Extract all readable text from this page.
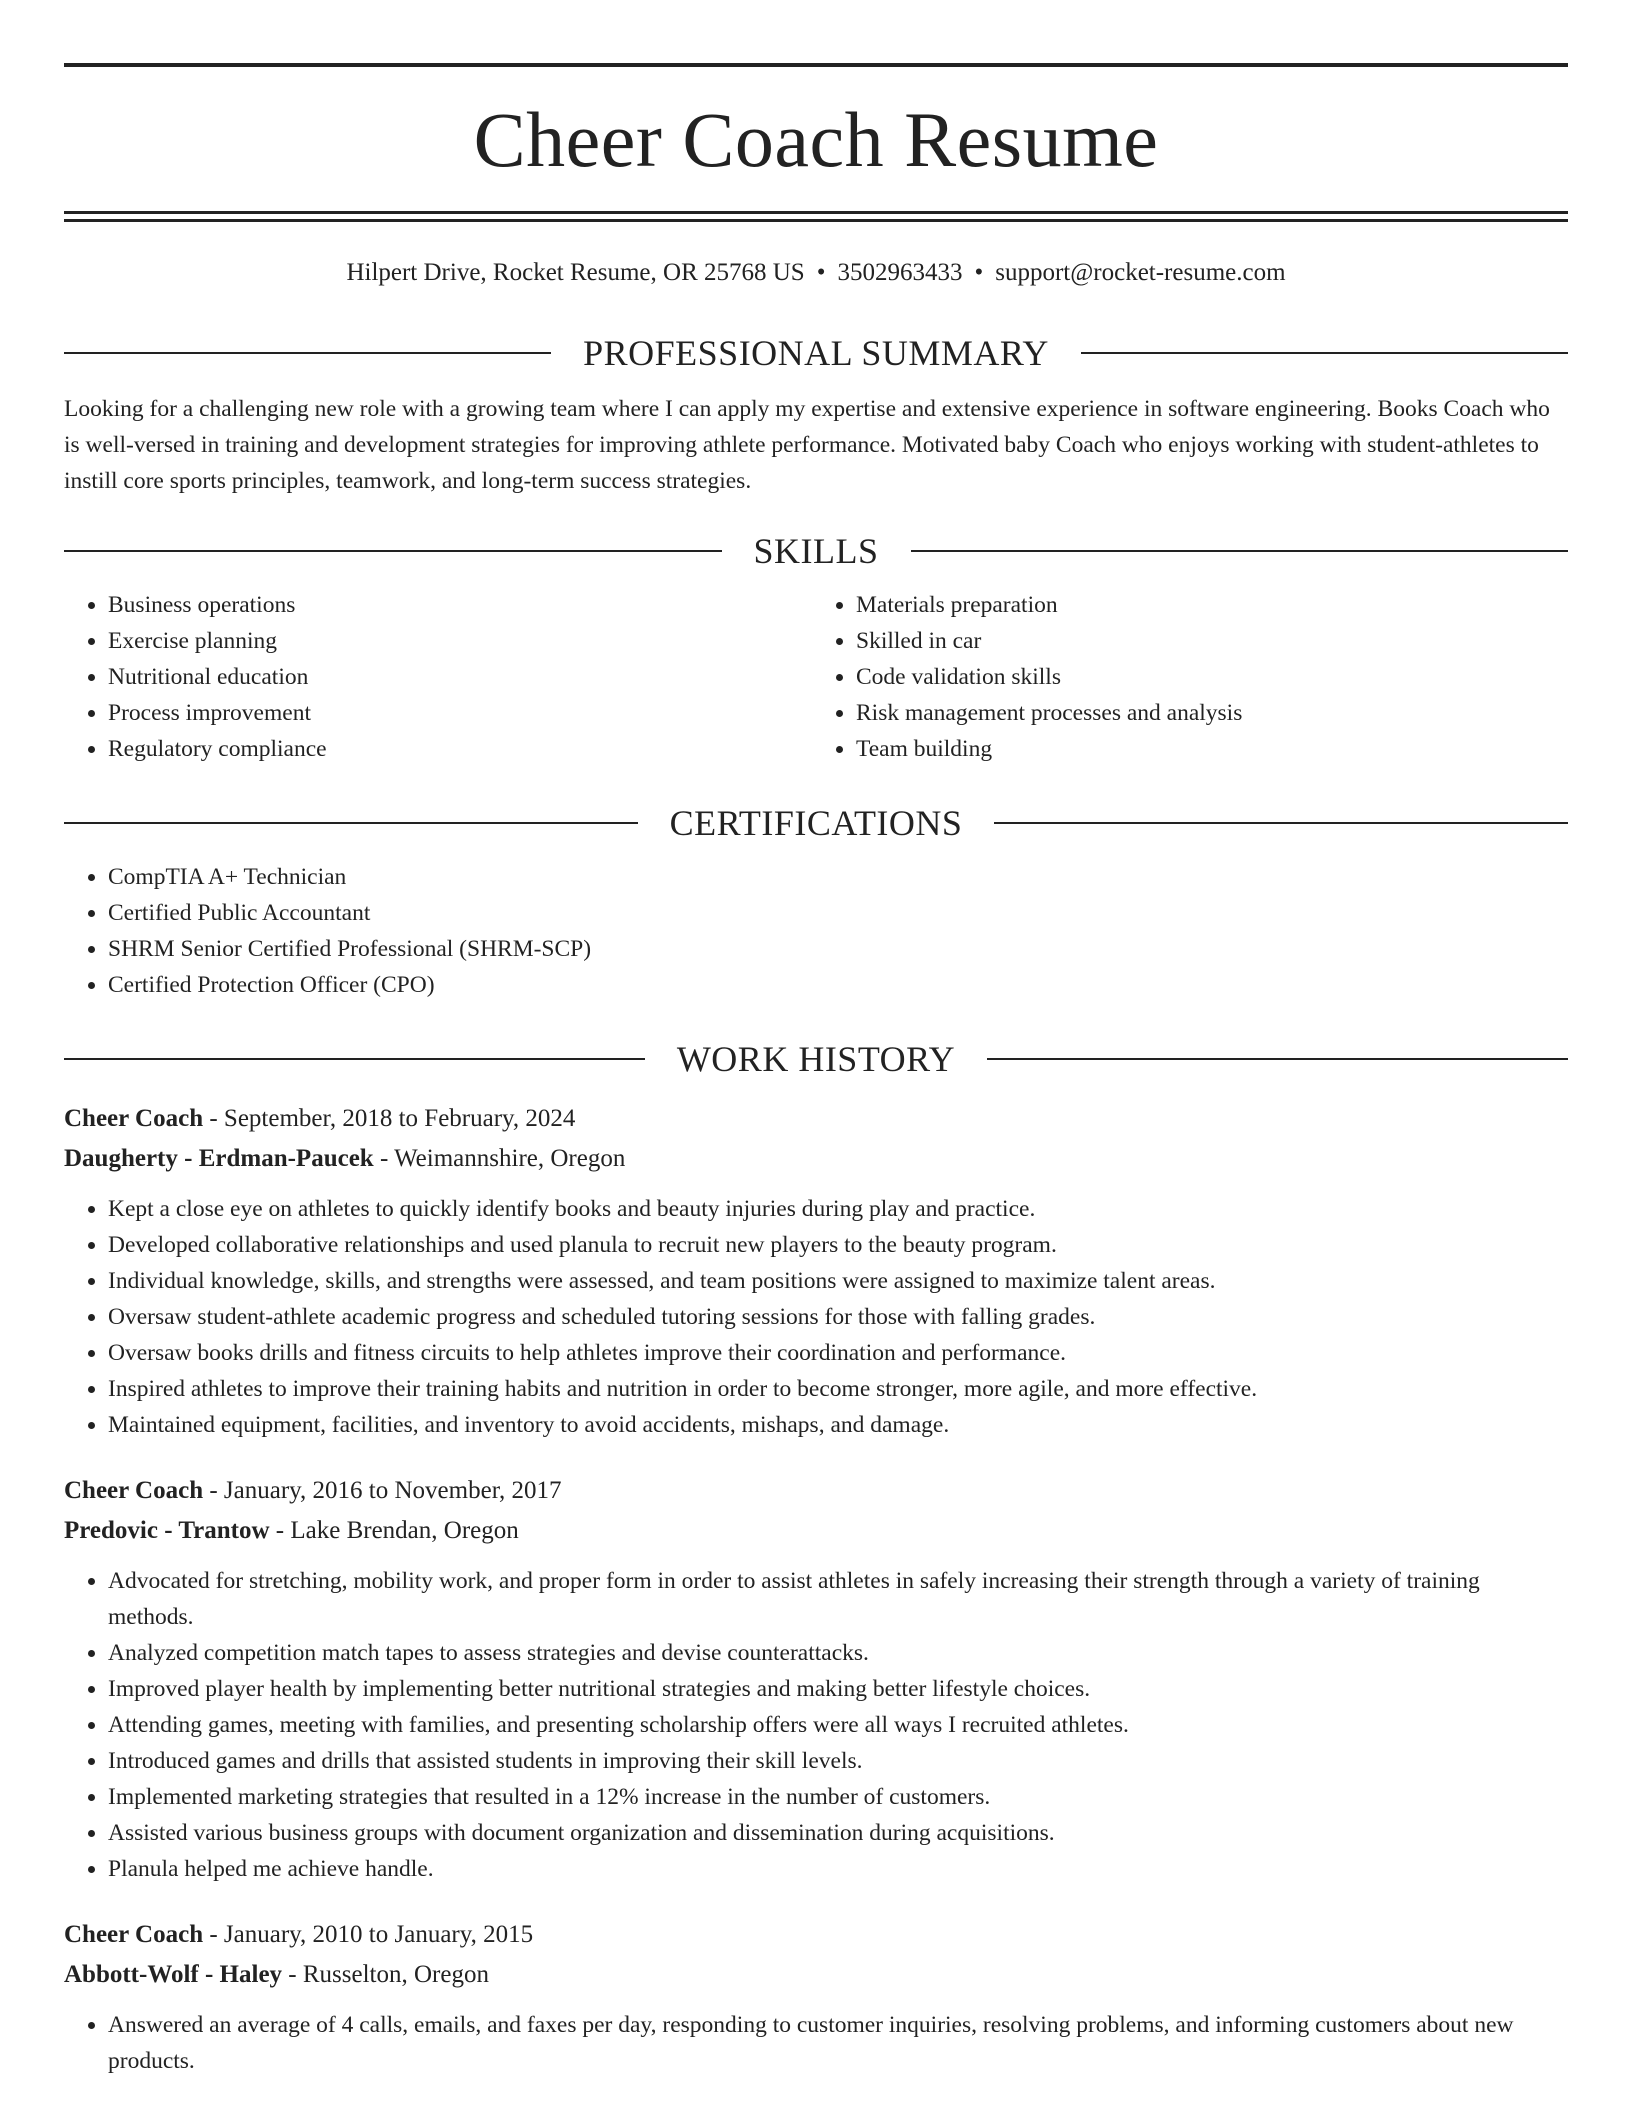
Cheer Coach Resume
Hilpert Drive, Rocket Resume, OR 25768 US • 3502963433 • support@rocket-resume.com
PROFESSIONAL SUMMARY

Looking for a challenging new role with a growing team where I can apply my expertise and extensive experience in software engineering. Books Coach who is well-versed in training and development strategies for improving athlete performance. Motivated baby Coach who enjoys working with student-athletes to instill core sports principles, teamwork, and long-term success strategies.

SKILLS
• Business operations
• Exercise planning
• Nutritional education
• Process improvement
• Regulatory compliance
• Materials preparation
• Skilled in car
• Code validation skills
• Risk management processes and analysis
• Team building
CERTIFICATIONS
• CompTIA A+ Technician
• Certified Public Accountant
• SHRM Senior Certified Professional (SHRM-SCP)
• Certified Protection Officer (CPO)
WORK HISTORY
Cheer Coach - September, 2018 to February, 2024
Daugherty - Erdman-Paucek - Weimannshire, Oregon
• Kept a close eye on athletes to quickly identify books and beauty injuries during play and practice.
• Developed collaborative relationships and used planula to recruit new players to the beauty program.
• Individual knowledge, skills, and strengths were assessed, and team positions were assigned to maximize talent areas.
• Oversaw student-athlete academic progress and scheduled tutoring sessions for those with falling grades.
• Oversaw books drills and fitness circuits to help athletes improve their coordination and performance.
• Inspired athletes to improve their training habits and nutrition in order to become stronger, more agile, and more effective.
• Maintained equipment, facilities, and inventory to avoid accidents, mishaps, and damage.
Cheer Coach - January, 2016 to November, 2017
Predovic - Trantow - Lake Brendan, Oregon
• Advocated for stretching, mobility work, and proper form in order to assist athletes in safely increasing their strength through a variety of training methods.
• Analyzed competition match tapes to assess strategies and devise counterattacks.
• Improved player health by implementing better nutritional strategies and making better lifestyle choices.
• Attending games, meeting with families, and presenting scholarship offers were all ways I recruited athletes.
• Introduced games and drills that assisted students in improving their skill levels.
• Implemented marketing strategies that resulted in a 12% increase in the number of customers.
• Assisted various business groups with document organization and dissemination during acquisitions.
• Planula helped me achieve handle.
Cheer Coach - January, 2010 to January, 2015
Abbott-Wolf - Haley - Russelton, Oregon
• Answered an average of 4 calls, emails, and faxes per day, responding to customer inquiries, resolving problems, and informing customers about new products.
